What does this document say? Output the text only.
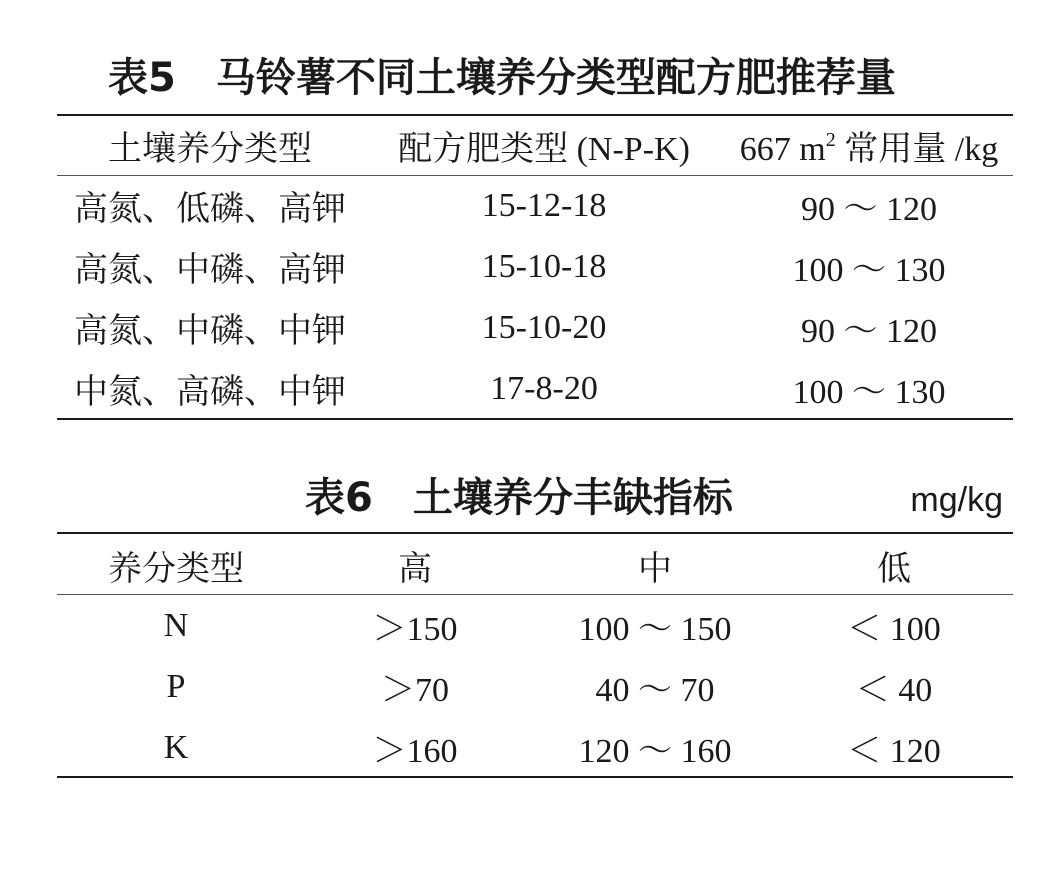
表5　马铃薯不同土壤养分类型配方肥推荐量
土壤养分类型	配方肥类型 (N-P-K)	667 $m^2$ 常用量 /kg
高氮、低磷、高钾	15-12-18	90 ～ 120
高氮、中磷、高钾	15-10-18	100 ～ 130
高氮、中磷、中钾	15-10-20	90 ～ 120
中氮、高磷、中钾	17-8-20	100 ～ 130
表6　土壤养分丰缺指标	mg/kg
养分类型	高	中	低
N	＞150	100 ～ 150	＜ 100
P	＞70	40 ～ 70	＜ 40
K	＞160	120 ～ 160	＜ 120
